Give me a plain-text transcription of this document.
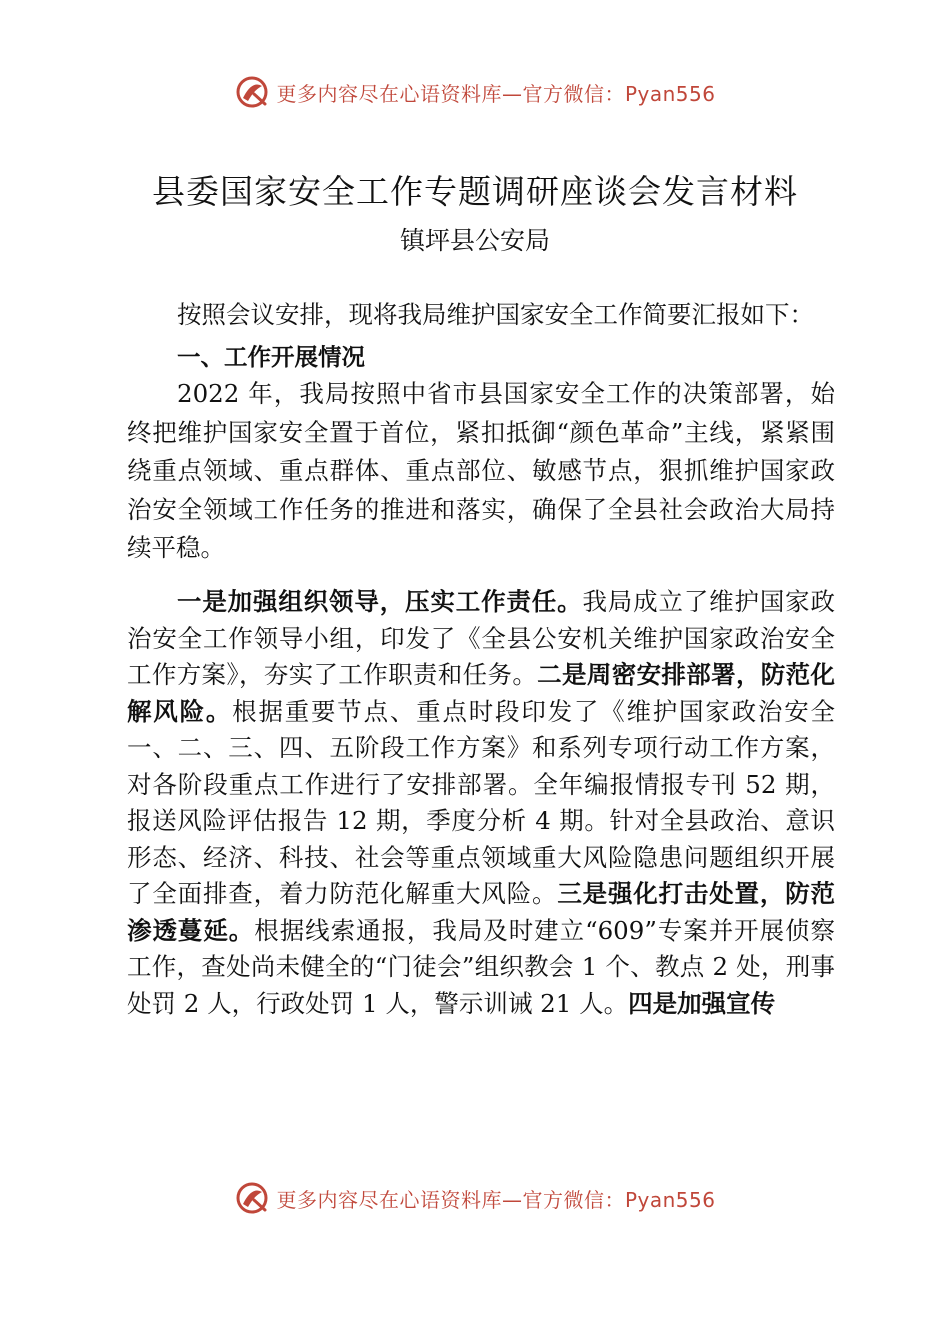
更多内容尽在心语资料库—官方微信：Pyan556
县委国家安全工作专题调研座谈会发言材料

镇坪县公安局

按照会议安排，现将我局维护国家安全工作简要汇报如下：

一、工作开展情况

2022 年，我局按照中省市县国家安全工作的决策部署，始终把维护国家安全置于首位，紧扣抵御“颜色革命”主线，紧紧围绕重点领域、重点群体、重点部位、敏感节点，狠抓维护国家政治安全领域工作任务的推进和落实，确保了全县社会政治大局持续平稳。

一是加强组织领导，压实工作责任。我局成立了维护国家政治安全工作领导小组，印发了《全县公安机关维护国家政治安全工作方案》，夯实了工作职责和任务。二是周密安排部署，防范化解风险。根据重要节点、重点时段印发了《维护国家政治安全一、二、三、四、五阶段工作方案》和系列专项行动工作方案，对各阶段重点工作进行了安排部署。全年编报情报专刊 52 期，报送风险评估报告 12 期，季度分析 4 期。针对全县政治、意识形态、经济、科技、社会等重点领域重大风险隐患问题组织开展了全面排查，着力防范化解重大风险。三是强化打击处置，防范渗透蔓延。根据线索通报，我局及时建立“609”专案并开展侦察工作，查处尚未健全的“门徒会”组织教会 1 个、教点 2 处，刑事处罚 2 人，行政处罚 1 人，警示训诫 21 人。四是加强宣传

更多内容尽在心语资料库—官方微信：Pyan556
